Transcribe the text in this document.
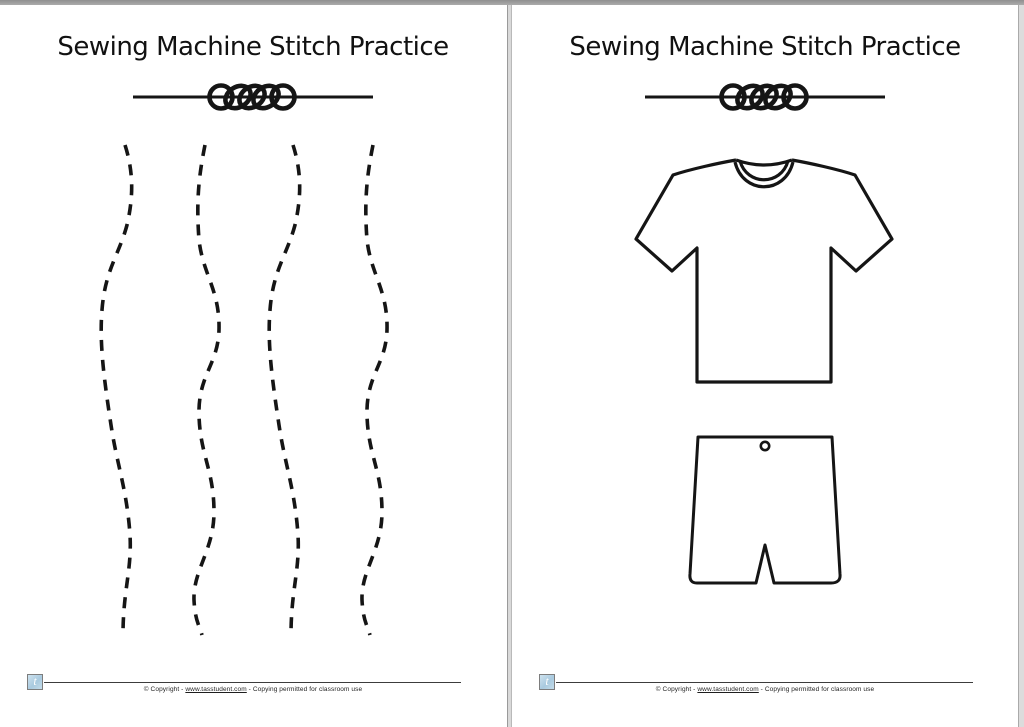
Sewing Machine Stitch Practice
t
© Copyright - www.tasstudent.com - Copying permitted for classroom use
Sewing Machine Stitch Practice
t
© Copyright - www.tasstudent.com - Copying permitted for classroom use
